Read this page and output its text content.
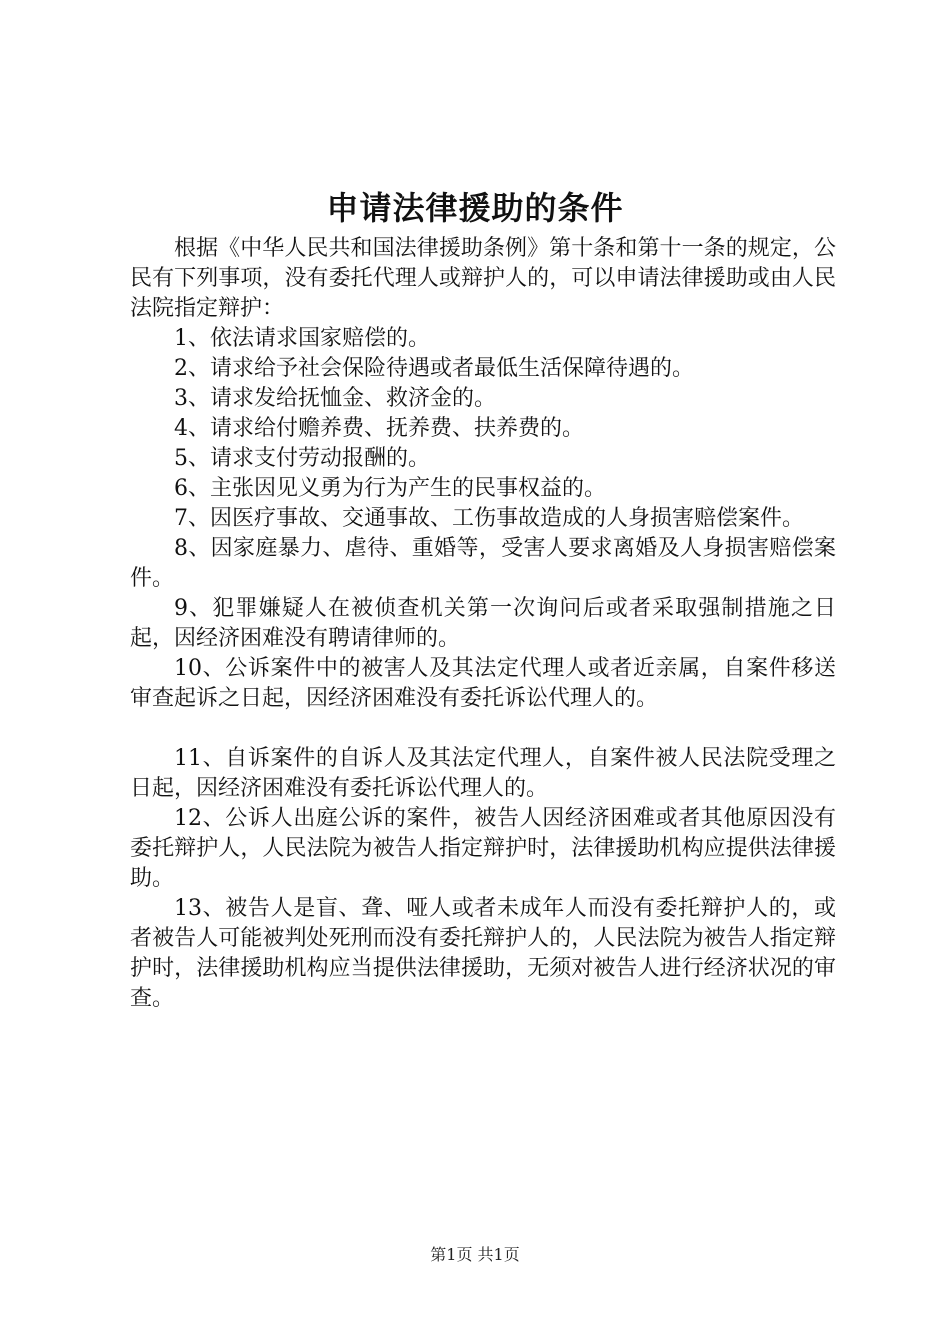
申请法律援助的条件

根据《中华人民共和国法律援助条例》第十条和第十一条的规定，公民有下列事项，没有委托代理人或辩护人的，可以申请法律援助或由人民法院指定辩护：

1、依法请求国家赔偿的。

2、请求给予社会保险待遇或者最低生活保障待遇的。

3、请求发给抚恤金、救济金的。

4、请求给付赡养费、抚养费、扶养费的。

5、请求支付劳动报酬的。

6、主张因见义勇为行为产生的民事权益的。

7、因医疗事故、交通事故、工伤事故造成的人身损害赔偿案件。

8、因家庭暴力、虐待、重婚等，受害人要求离婚及人身损害赔偿案件。

9、犯罪嫌疑人在被侦查机关第一次询问后或者采取强制措施之日起，因经济困难没有聘请律师的。

10、公诉案件中的被害人及其法定代理人或者近亲属，自案件移送审查起诉之日起，因经济困难没有委托诉讼代理人的。

11、自诉案件的自诉人及其法定代理人，自案件被人民法院受理之日起，因经济困难没有委托诉讼代理人的。

12、公诉人出庭公诉的案件，被告人因经济困难或者其他原因没有委托辩护人，人民法院为被告人指定辩护时，法律援助机构应提供法律援助。

13、被告人是盲、聋、哑人或者未成年人而没有委托辩护人的，或者被告人可能被判处死刑而没有委托辩护人的，人民法院为被告人指定辩护时，法律援助机构应当提供法律援助，无须对被告人进行经济状况的审查。

第1页 共1页
